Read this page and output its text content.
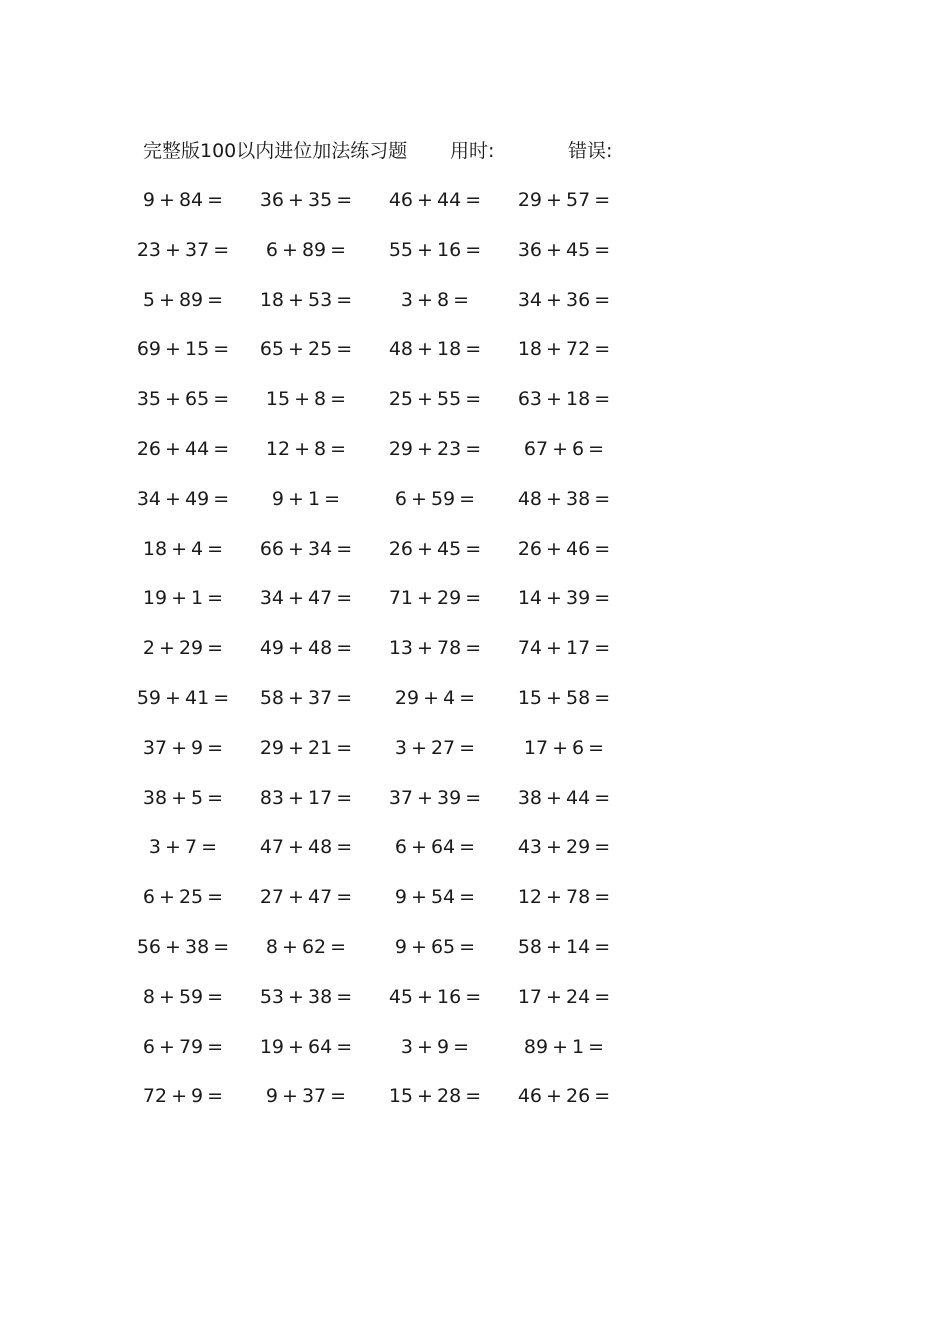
完整版100以内进位加法练习题 用时:	错误:
9 + 84 =	36 + 35 =	46 + 44 =	29 + 57 =
23 + 37 =	6 + 89 =	55 + 16 =	36 + 45 =
5 + 89 =	18 + 53 =	3 + 8 =	34 + 36 =
69 + 15 =	65 + 25 =	48 + 18 =	18 + 72 =
35 + 65 =	15 + 8 =	25 + 55 =	63 + 18 =
26 + 44 =	12 + 8 =	29 + 23 =	67 + 6 =
34 + 49 =	9 + 1 =	6 + 59 =	48 + 38 =
18 + 4 =	66 + 34 =	26 + 45 =	26 + 46 =
19 + 1 =	34 + 47 =	71 + 29 =	14 + 39 =
2 + 29 =	49 + 48 =	13 + 78 =	74 + 17 =
59 + 41 =	58 + 37 =	29 + 4 =	15 + 58 =
37 + 9 =	29 + 21 =	3 + 27 =	17 + 6 =
38 + 5 =	83 + 17 =	37 + 39 =	38 + 44 =
3 + 7 =	47 + 48 =	6 + 64 =	43 + 29 =
6 + 25 =	27 + 47 =	9 + 54 =	12 + 78 =
56 + 38 =	8 + 62 =	9 + 65 =	58 + 14 =
8 + 59 =	53 + 38 =	45 + 16 =	17 + 24 =
6 + 79 =	19 + 64 =	3 + 9 =	89 + 1 =
72 + 9 =	9 + 37 =	15 + 28 =	46 + 26 =
